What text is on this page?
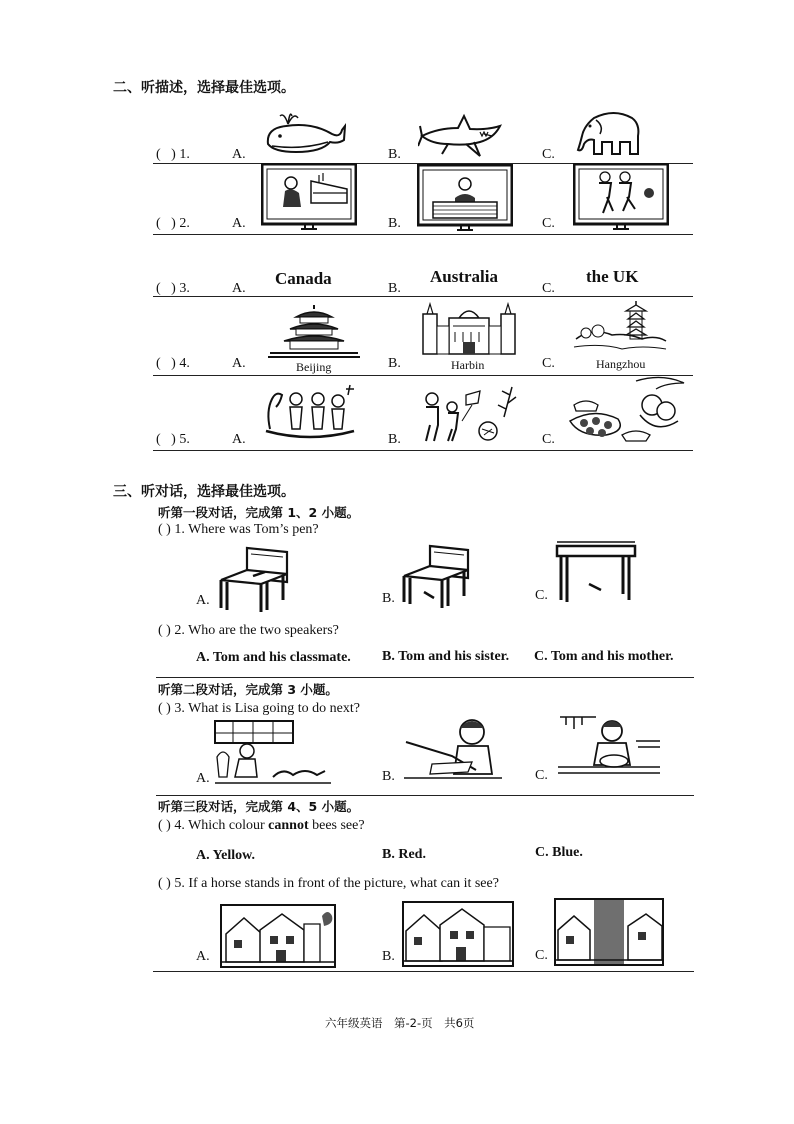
二、听描述，选择最佳选项。
( ) 1.	A.	B.	C.
( ) 2.	A.	B.	C.
( ) 3.	A.	B.	C.
Canada	Australia	the UK
( ) 4.	A.	B.	C.
Beijing	Harbin	Hangzhou
( ) 5.	A.	B.	C.
三、听对话，选择最佳选项。
听第一段对话，完成第 1、2 小题。
( ) 1. Where was Tom’s pen?
A.	B.	C.
( ) 2. Who are the two speakers?
A. Tom and his classmate. B. Tom and his sister. C. Tom and his mother.
听第二段对话，完成第 3 小题。
( ) 3. What is Lisa going to do next?
A.	B.	C.
听第三段对话，完成第 4、5 小题。
( ) 4. Which colour cannot bees see?
A. Yellow.	B. Red.	C. Blue.
( ) 5. If a horse stands in front of the picture, what can it see?
A.	B.	C.
六年级英语　第-2-页　共6页
